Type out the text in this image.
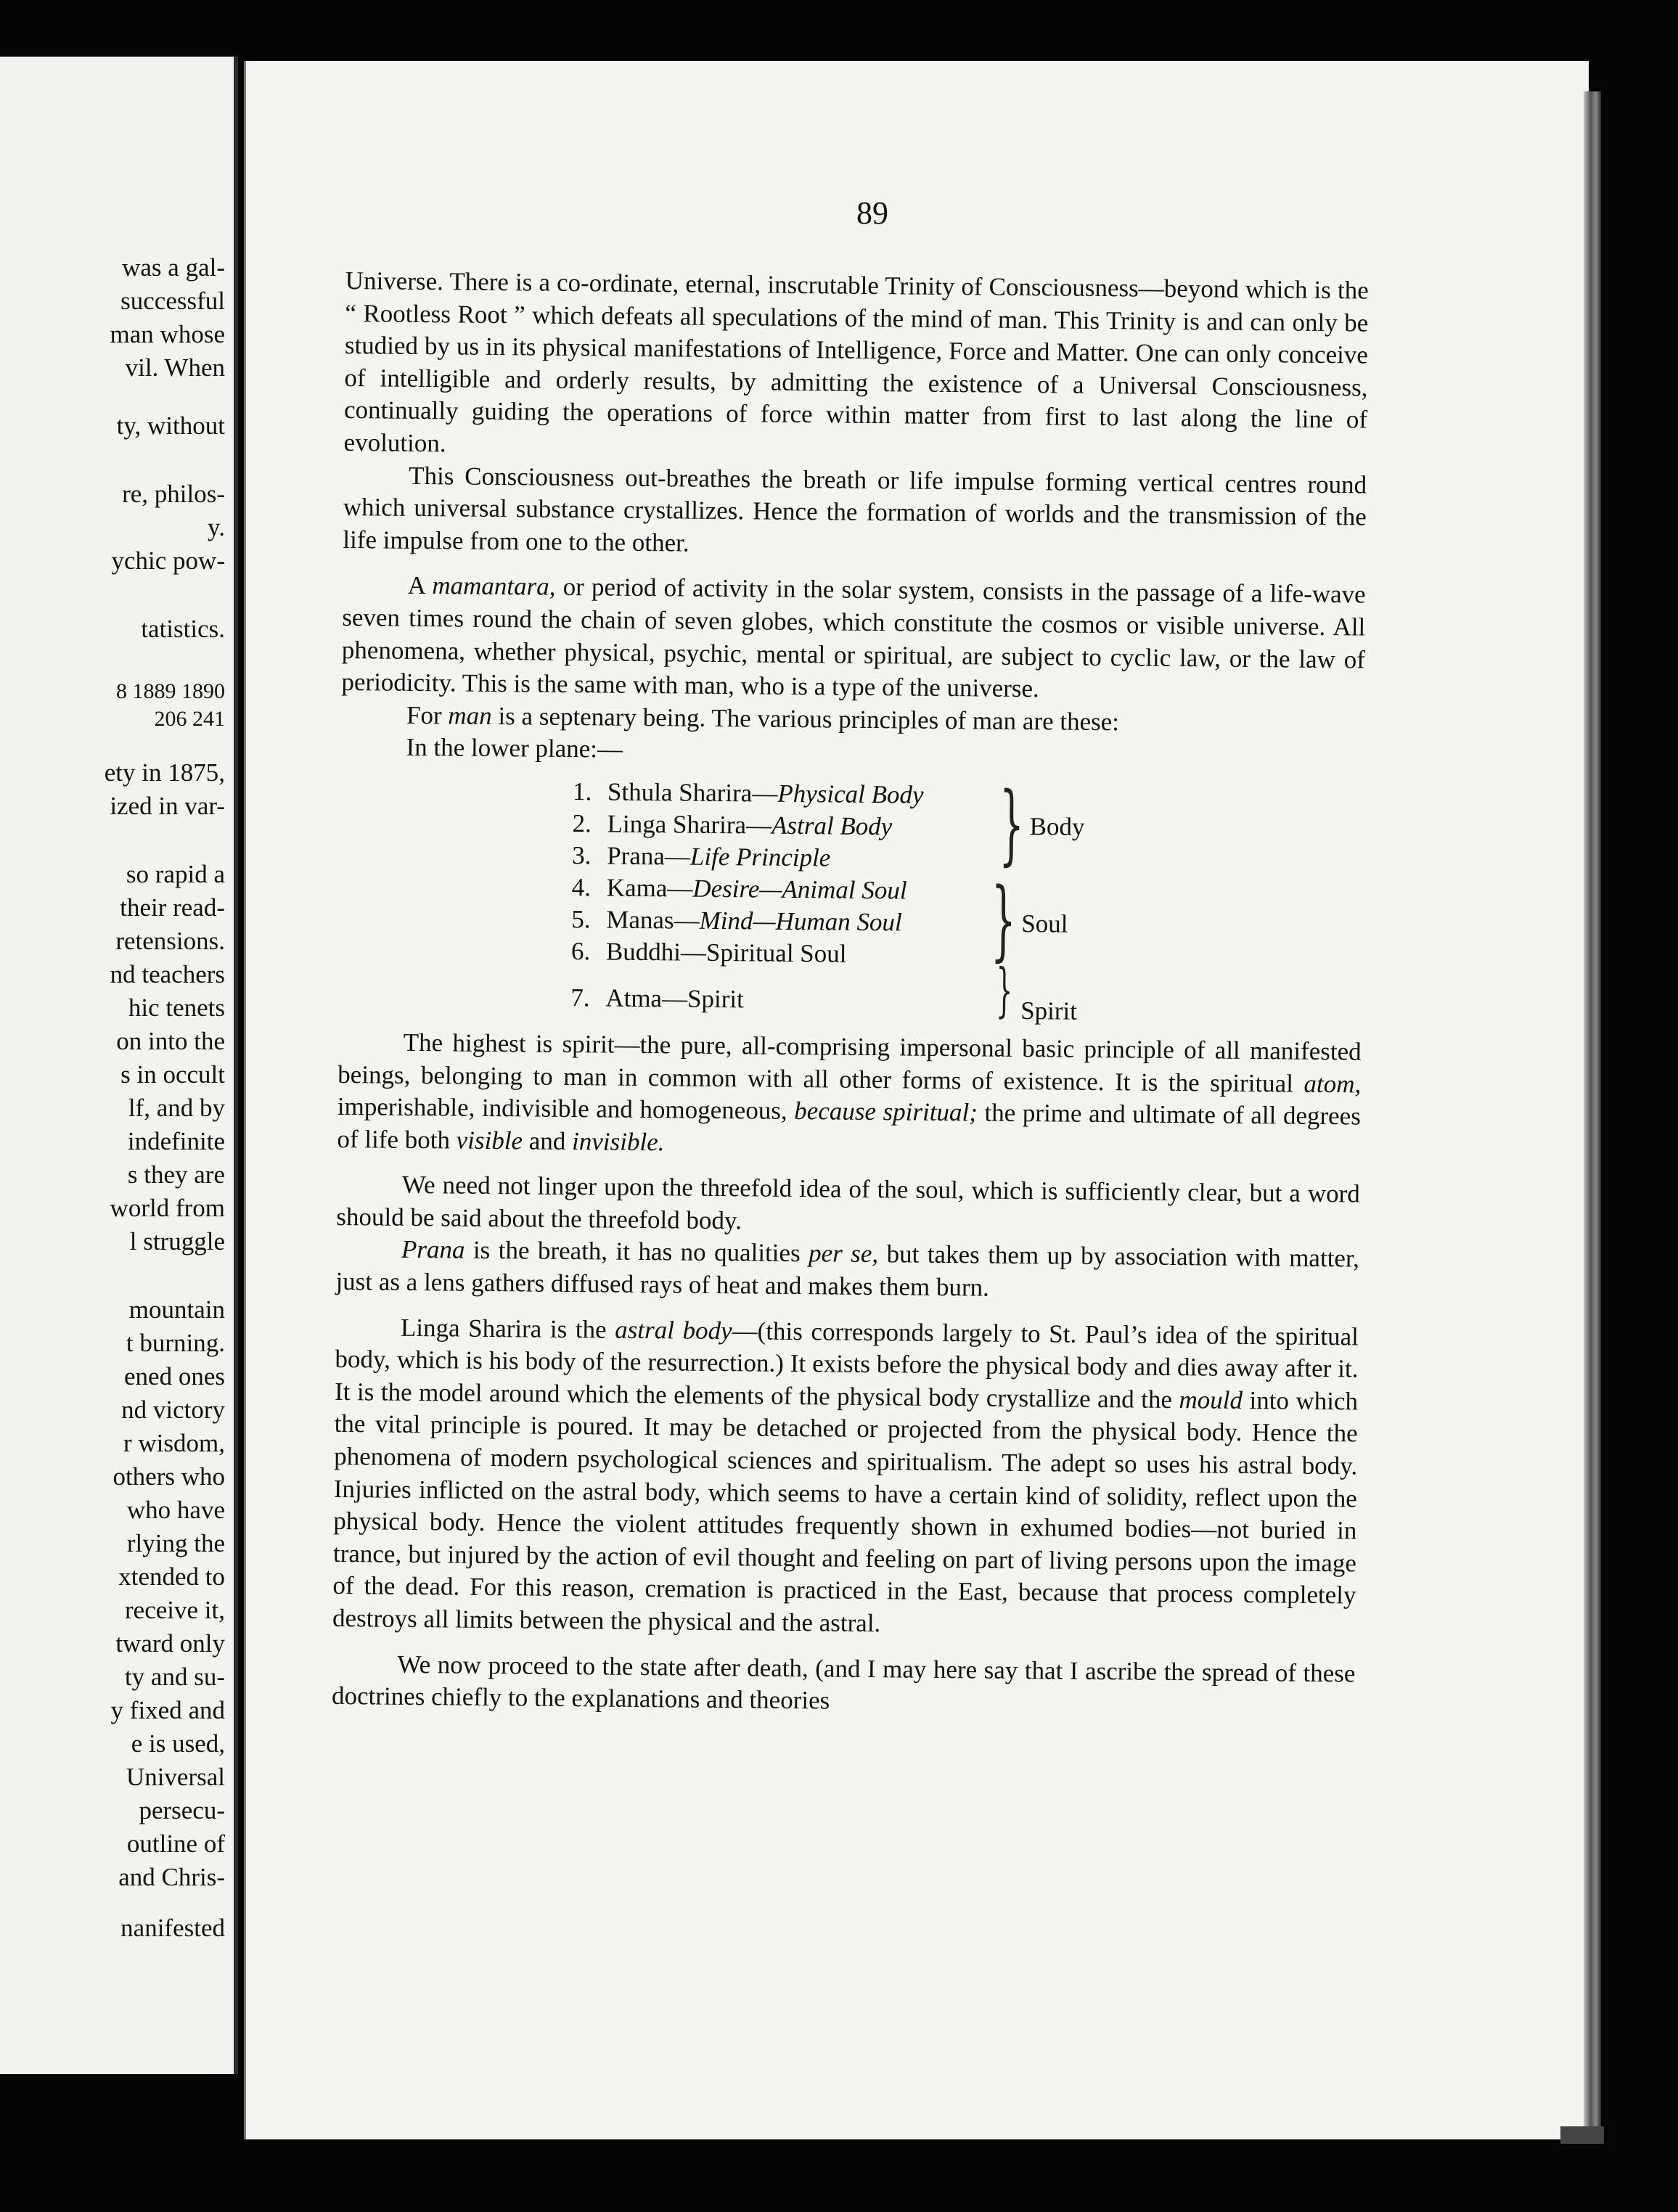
was a gal-
successful
man whose
vil. When
ty, without
re, philos-
y.
ychic pow-
tatistics.
8 1889 1890
206 241
ety in 1875,
ized in var-
so rapid a
their read-
retensions.
nd teachers
hic tenets
on into the
s in occult
lf, and by
indefinite
s they are
world from
l struggle
mountain
t burning.
ened ones
nd victory
r wisdom,
others who
who have
rlying the
xtended to
receive it,
tward only
ty and su-
y fixed and
e is used,
Universal
persecu-
outline of
and Chris-
nanifested
89

Universe. There is a co-ordinate, eternal, inscrutable Trinity of Consciousness—beyond which is the “ Rootless Root ” which defeats all speculations of the mind of man. This Trinity is and can only be studied by us in its physical manifestations of Intelligence, Force and Matter. One can only conceive of intelligible and orderly results, by admitting the existence of a Universal Consciousness, continually guiding the operations of force within matter from first to last along the line of evolution.

This Consciousness out-breathes the breath or life impulse forming vertical centres round which universal substance crystallizes. Hence the formation of worlds and the transmission of the life impulse from one to the other.

A mamantara, or period of activity in the solar system, consists in the passage of a life-wave seven times round the chain of seven globes, which constitute the cosmos or visible universe. All phenomena, whether physical, psychic, mental or spiritual, are subject to cyclic law, or the law of periodicity. This is the same with man, who is a type of the universe.

For man is a septenary being. The various principles of man are these:

In the lower plane:—

1. Sthula Sharira—Physical Body
2. Linga Sharira—Astral Body
3. Prana—Life Principle	} Body
4. Kama—Desire—Animal Soul
5. Manas—Mind—Human Soul
6. Buddhi—Spiritual Soul	} Soul
7. Atma—Spirit	} Spirit

The highest is spirit—the pure, all-comprising impersonal basic principle of all manifested beings, belonging to man in common with all other forms of existence. It is the spiritual atom, imperishable, indivisible and homogeneous, because spiritual; the prime and ultimate of all degrees of life both visible and invisible.

We need not linger upon the threefold idea of the soul, which is sufficiently clear, but a word should be said about the threefold body.

Prana is the breath, it has no qualities per se, but takes them up by association with matter, just as a lens gathers diffused rays of heat and makes them burn.

Linga Sharira is the astral body—(this corresponds largely to St. Paul’s idea of the spiritual body, which is his body of the resurrection.) It exists before the physical body and dies away after it. It is the model around which the elements of the physical body crystallize and the mould into which the vital principle is poured. It may be detached or projected from the physical body. Hence the phenomena of modern psychological sciences and spiritualism. The adept so uses his astral body. Injuries inflicted on the astral body, which seems to have a certain kind of solidity, reflect upon the physical body. Hence the violent attitudes frequently shown in exhumed bodies—not buried in trance, but injured by the action of evil thought and feeling on part of living persons upon the image of the dead. For this reason, cremation is practiced in the East, because that process completely destroys all limits between the physical and the astral.

We now proceed to the state after death, (and I may here say that I ascribe the spread of these doctrines chiefly to the explanations and theories
